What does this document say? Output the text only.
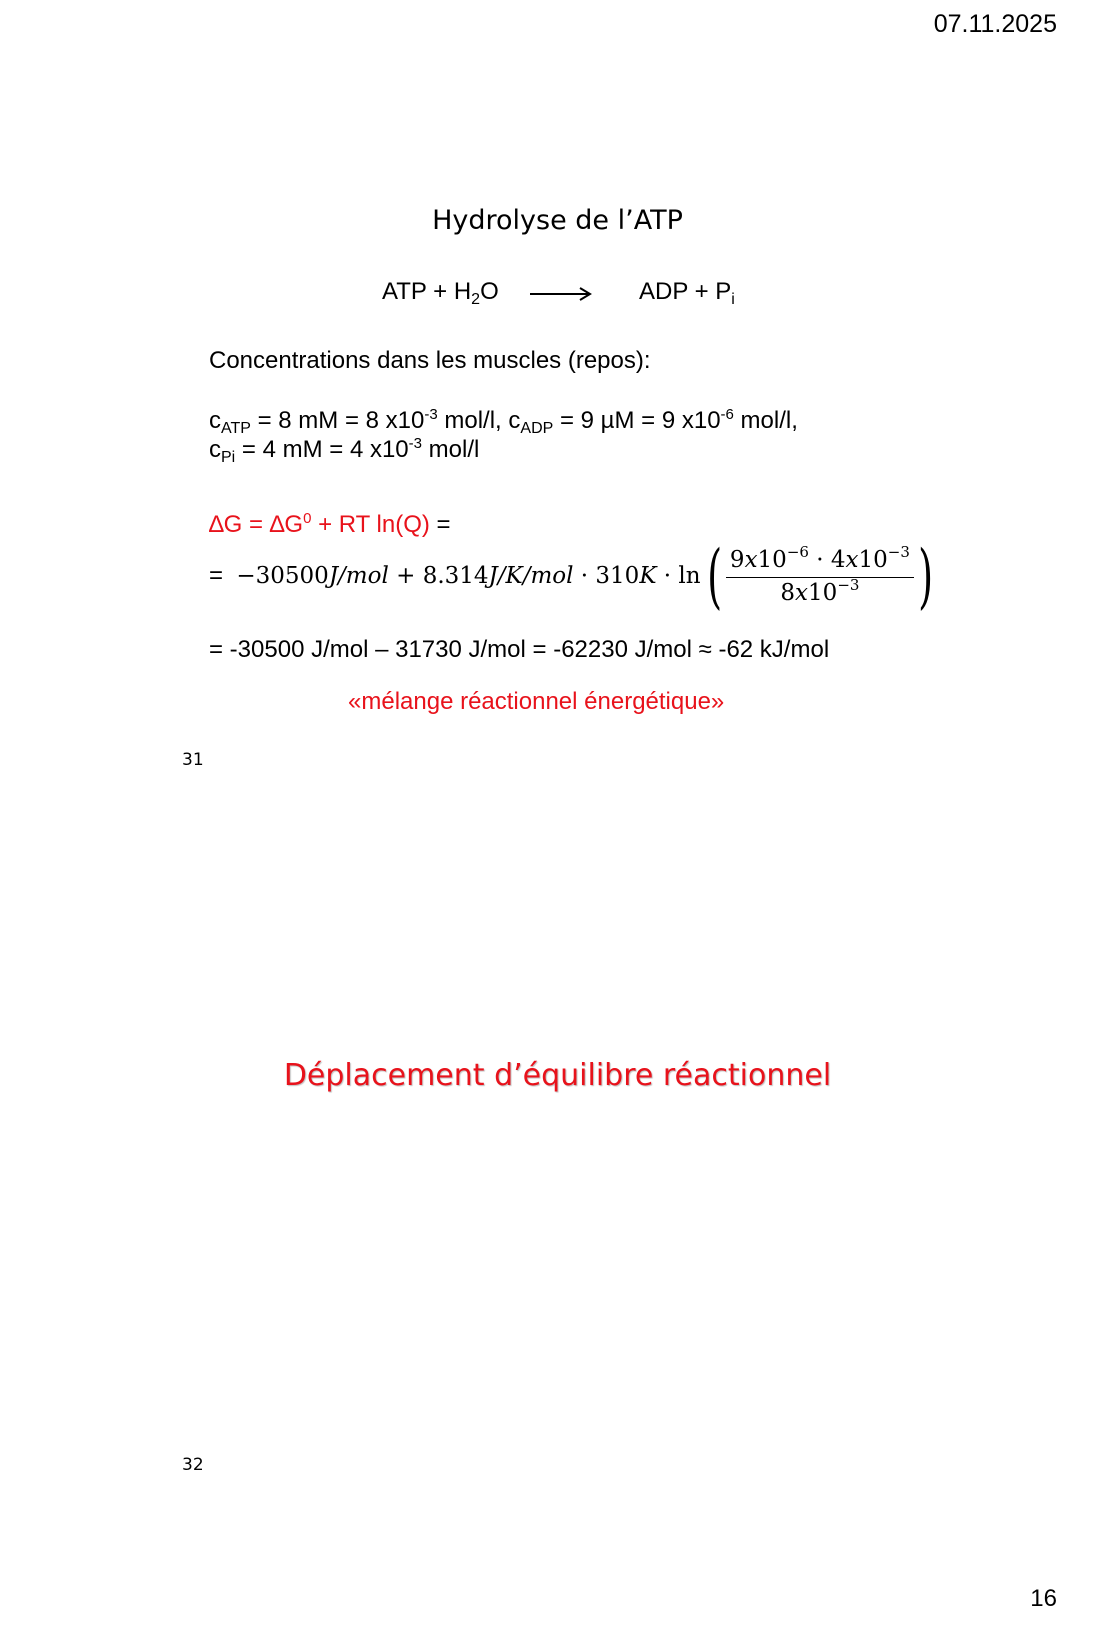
07.11.2025
Hydrolyse de l’ATP
ATP + $H_2O$	ADP + $P_i$
Concentrations dans les muscles (repos):
$c_{ATP} = 8$ mM = 8 $x10^{-3}$ mol/l, $c_{ADP} = 9$ µM = 9 $x10^{-6}$ mol/l,
$c_{Pi} = 4$ mM = 4 $x10^{-3}$ mol/l
$\Delta G = \Delta G^0$ + RT ln(Q) =
=
−30500J/mol + 8.314J/K/mol · 310K · ln ( $\frac{9x10^{-6} \cdot 4x10^{-3}}{8x10^{-3}}$ )
= -30500 J/mol – 31730 J/mol = -62230 J/mol ≈ -62 kJ/mol
«mélange réactionnel énergétique»
31
Déplacement d’équilibre réactionnel
32
16
